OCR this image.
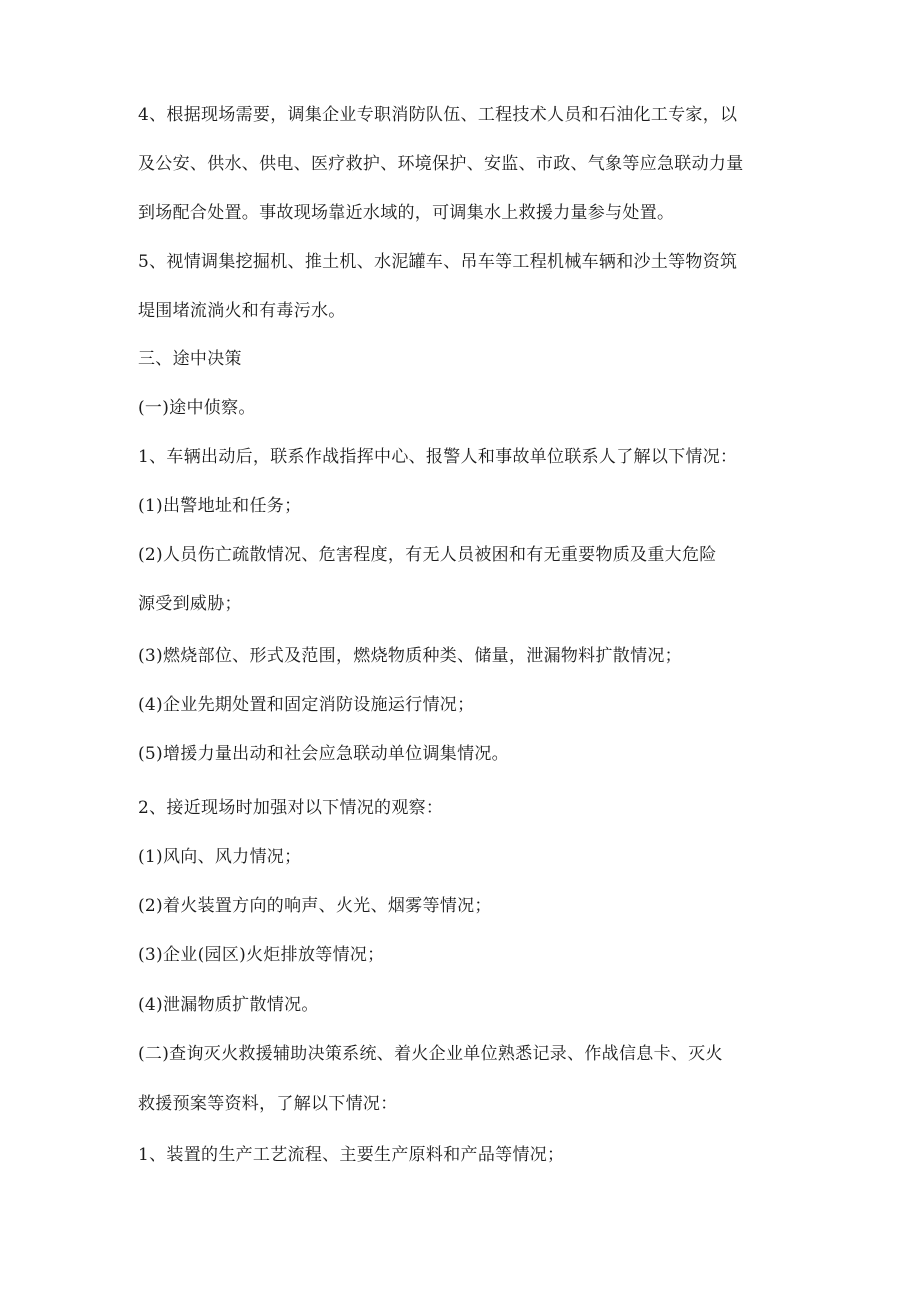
4、根据现场需要，调集企业专职消防队伍、工程技术人员和石油化工专家，以
及公安、供水、供电、医疗救护、环境保护、安监、市政、气象等应急联动力量
到场配合处置。事故现场靠近水域的，可调集水上救援力量参与处置。
5、视情调集挖掘机、推土机、水泥罐车、吊车等工程机械车辆和沙土等物资筑
堤围堵流淌火和有毒污水。
三、途中决策
(一)途中侦察。
1、车辆出动后，联系作战指挥中心、报警人和事故单位联系人了解以下情况：
(1)出警地址和任务；
(2)人员伤亡疏散情况、危害程度，有无人员被困和有无重要物质及重大危险
源受到威胁；
(3)燃烧部位、形式及范围，燃烧物质种类、储量，泄漏物料扩散情况；
(4)企业先期处置和固定消防设施运行情况；
(5)增援力量出动和社会应急联动单位调集情况。
2、接近现场时加强对以下情况的观察：
(1)风向、风力情况；
(2)着火装置方向的响声、火光、烟雾等情况；
(3)企业(园区)火炬排放等情况；
(4)泄漏物质扩散情况。
(二)查询灭火救援辅助决策系统、着火企业单位熟悉记录、作战信息卡、灭火
救援预案等资料，了解以下情况：
1、装置的生产工艺流程、主要生产原料和产品等情况；
